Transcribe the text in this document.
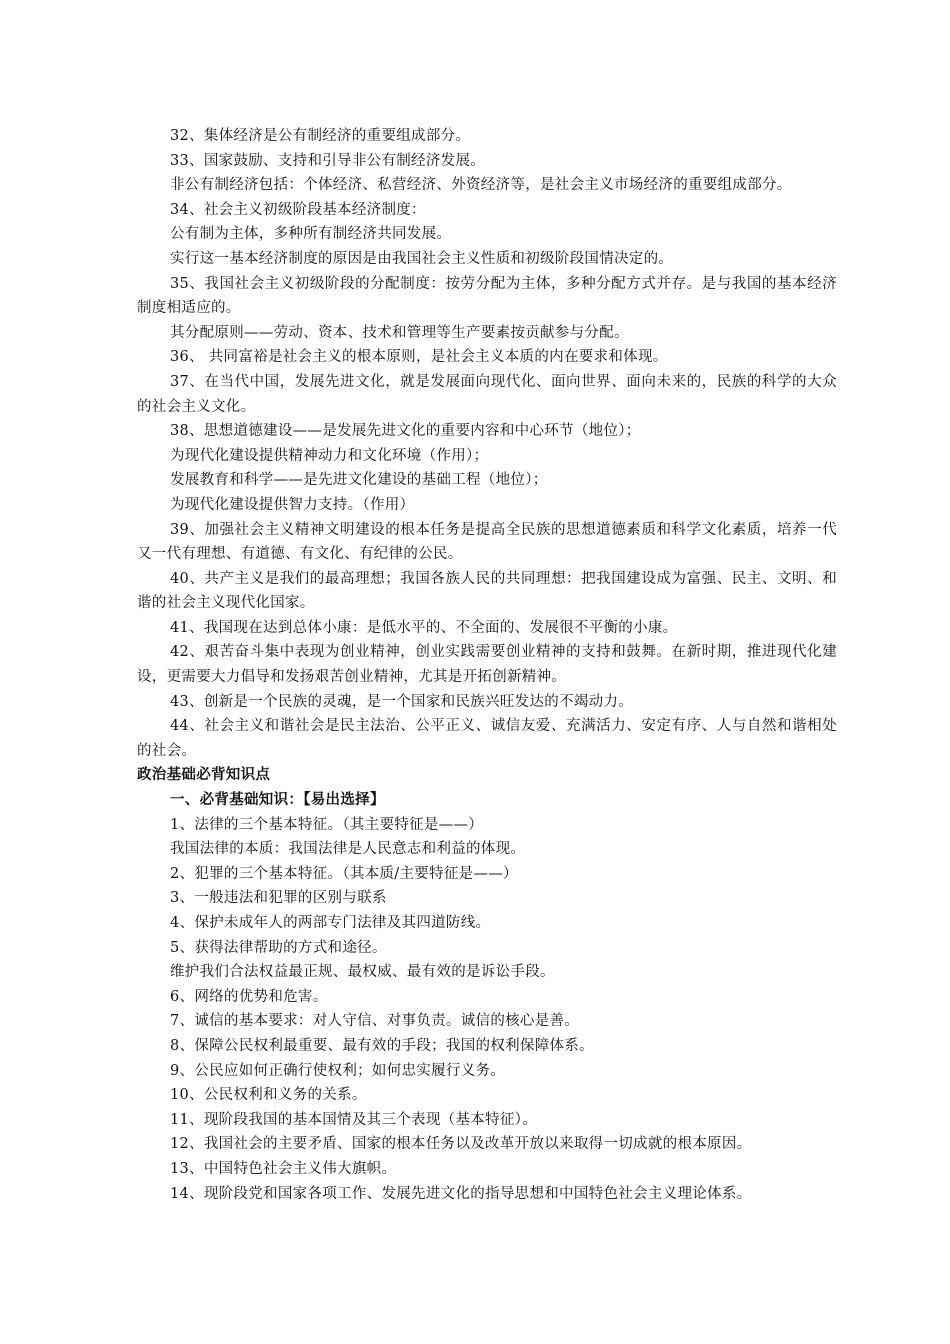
32、集体经济是公有制经济的重要组成部分。
33、国家鼓励、支持和引导非公有制经济发展。
非公有制经济包括：个体经济、私营经济、外资经济等，是社会主义市场经济的重要组成部分。
34、社会主义初级阶段基本经济制度：
公有制为主体，多种所有制经济共同发展。
实行这一基本经济制度的原因是由我国社会主义性质和初级阶段国情决定的。
35、我国社会主义初级阶段的分配制度：按劳分配为主体，多种分配方式并存。是与我国的基本经济制度相适应的。
其分配原则——劳动、资本、技术和管理等生产要素按贡献参与分配。
36、 共同富裕是社会主义的根本原则，是社会主义本质的内在要求和体现。
37、在当代中国，发展先进文化，就是发展面向现代化、面向世界、面向未来的，民族的科学的大众的社会主义文化。
38、思想道德建设——是发展先进文化的重要内容和中心环节（地位）；
为现代化建设提供精神动力和文化环境（作用）；
发展教育和科学——是先进文化建设的基础工程（地位）；
为现代化建设提供智力支持。（作用）
39、加强社会主义精神文明建设的根本任务是提高全民族的思想道德素质和科学文化素质，培养一代又一代有理想、有道德、有文化、有纪律的公民。
40、共产主义是我们的最高理想；我国各族人民的共同理想：把我国建设成为富强、民主、文明、和谐的社会主义现代化国家。
41、我国现在达到总体小康：是低水平的、不全面的、发展很不平衡的小康。
42、艰苦奋斗集中表现为创业精神，创业实践需要创业精神的支持和鼓舞。在新时期，推进现代化建设，更需要大力倡导和发扬艰苦创业精神，尤其是开拓创新精神。
43、创新是一个民族的灵魂，是一个国家和民族兴旺发达的不竭动力。
44、社会主义和谐社会是民主法治、公平正义、诚信友爱、充满活力、安定有序、人与自然和谐相处的社会。
政治基础必背知识点
一、必背基础知识：【易出选择】
1、法律的三个基本特征。（其主要特征是——）
我国法律的本质：我国法律是人民意志和利益的体现。
2、犯罪的三个基本特征。（其本质/主要特征是——）
3、一般违法和犯罪的区别与联系
4、保护未成年人的两部专门法律及其四道防线。
5、获得法律帮助的方式和途径。
维护我们合法权益最正规、最权威、最有效的是诉讼手段。
6、网络的优势和危害。
7、诚信的基本要求：对人守信、对事负责。诚信的核心是善。
8、保障公民权利最重要、最有效的手段；我国的权利保障体系。
9、公民应如何正确行使权利；如何忠实履行义务。
10、公民权利和义务的关系。
11、现阶段我国的基本国情及其三个表现（基本特征）。
12、我国社会的主要矛盾、国家的根本任务以及改革开放以来取得一切成就的根本原因。
13、中国特色社会主义伟大旗帜。
14、现阶段党和国家各项工作、发展先进文化的指导思想和中国特色社会主义理论体系。
